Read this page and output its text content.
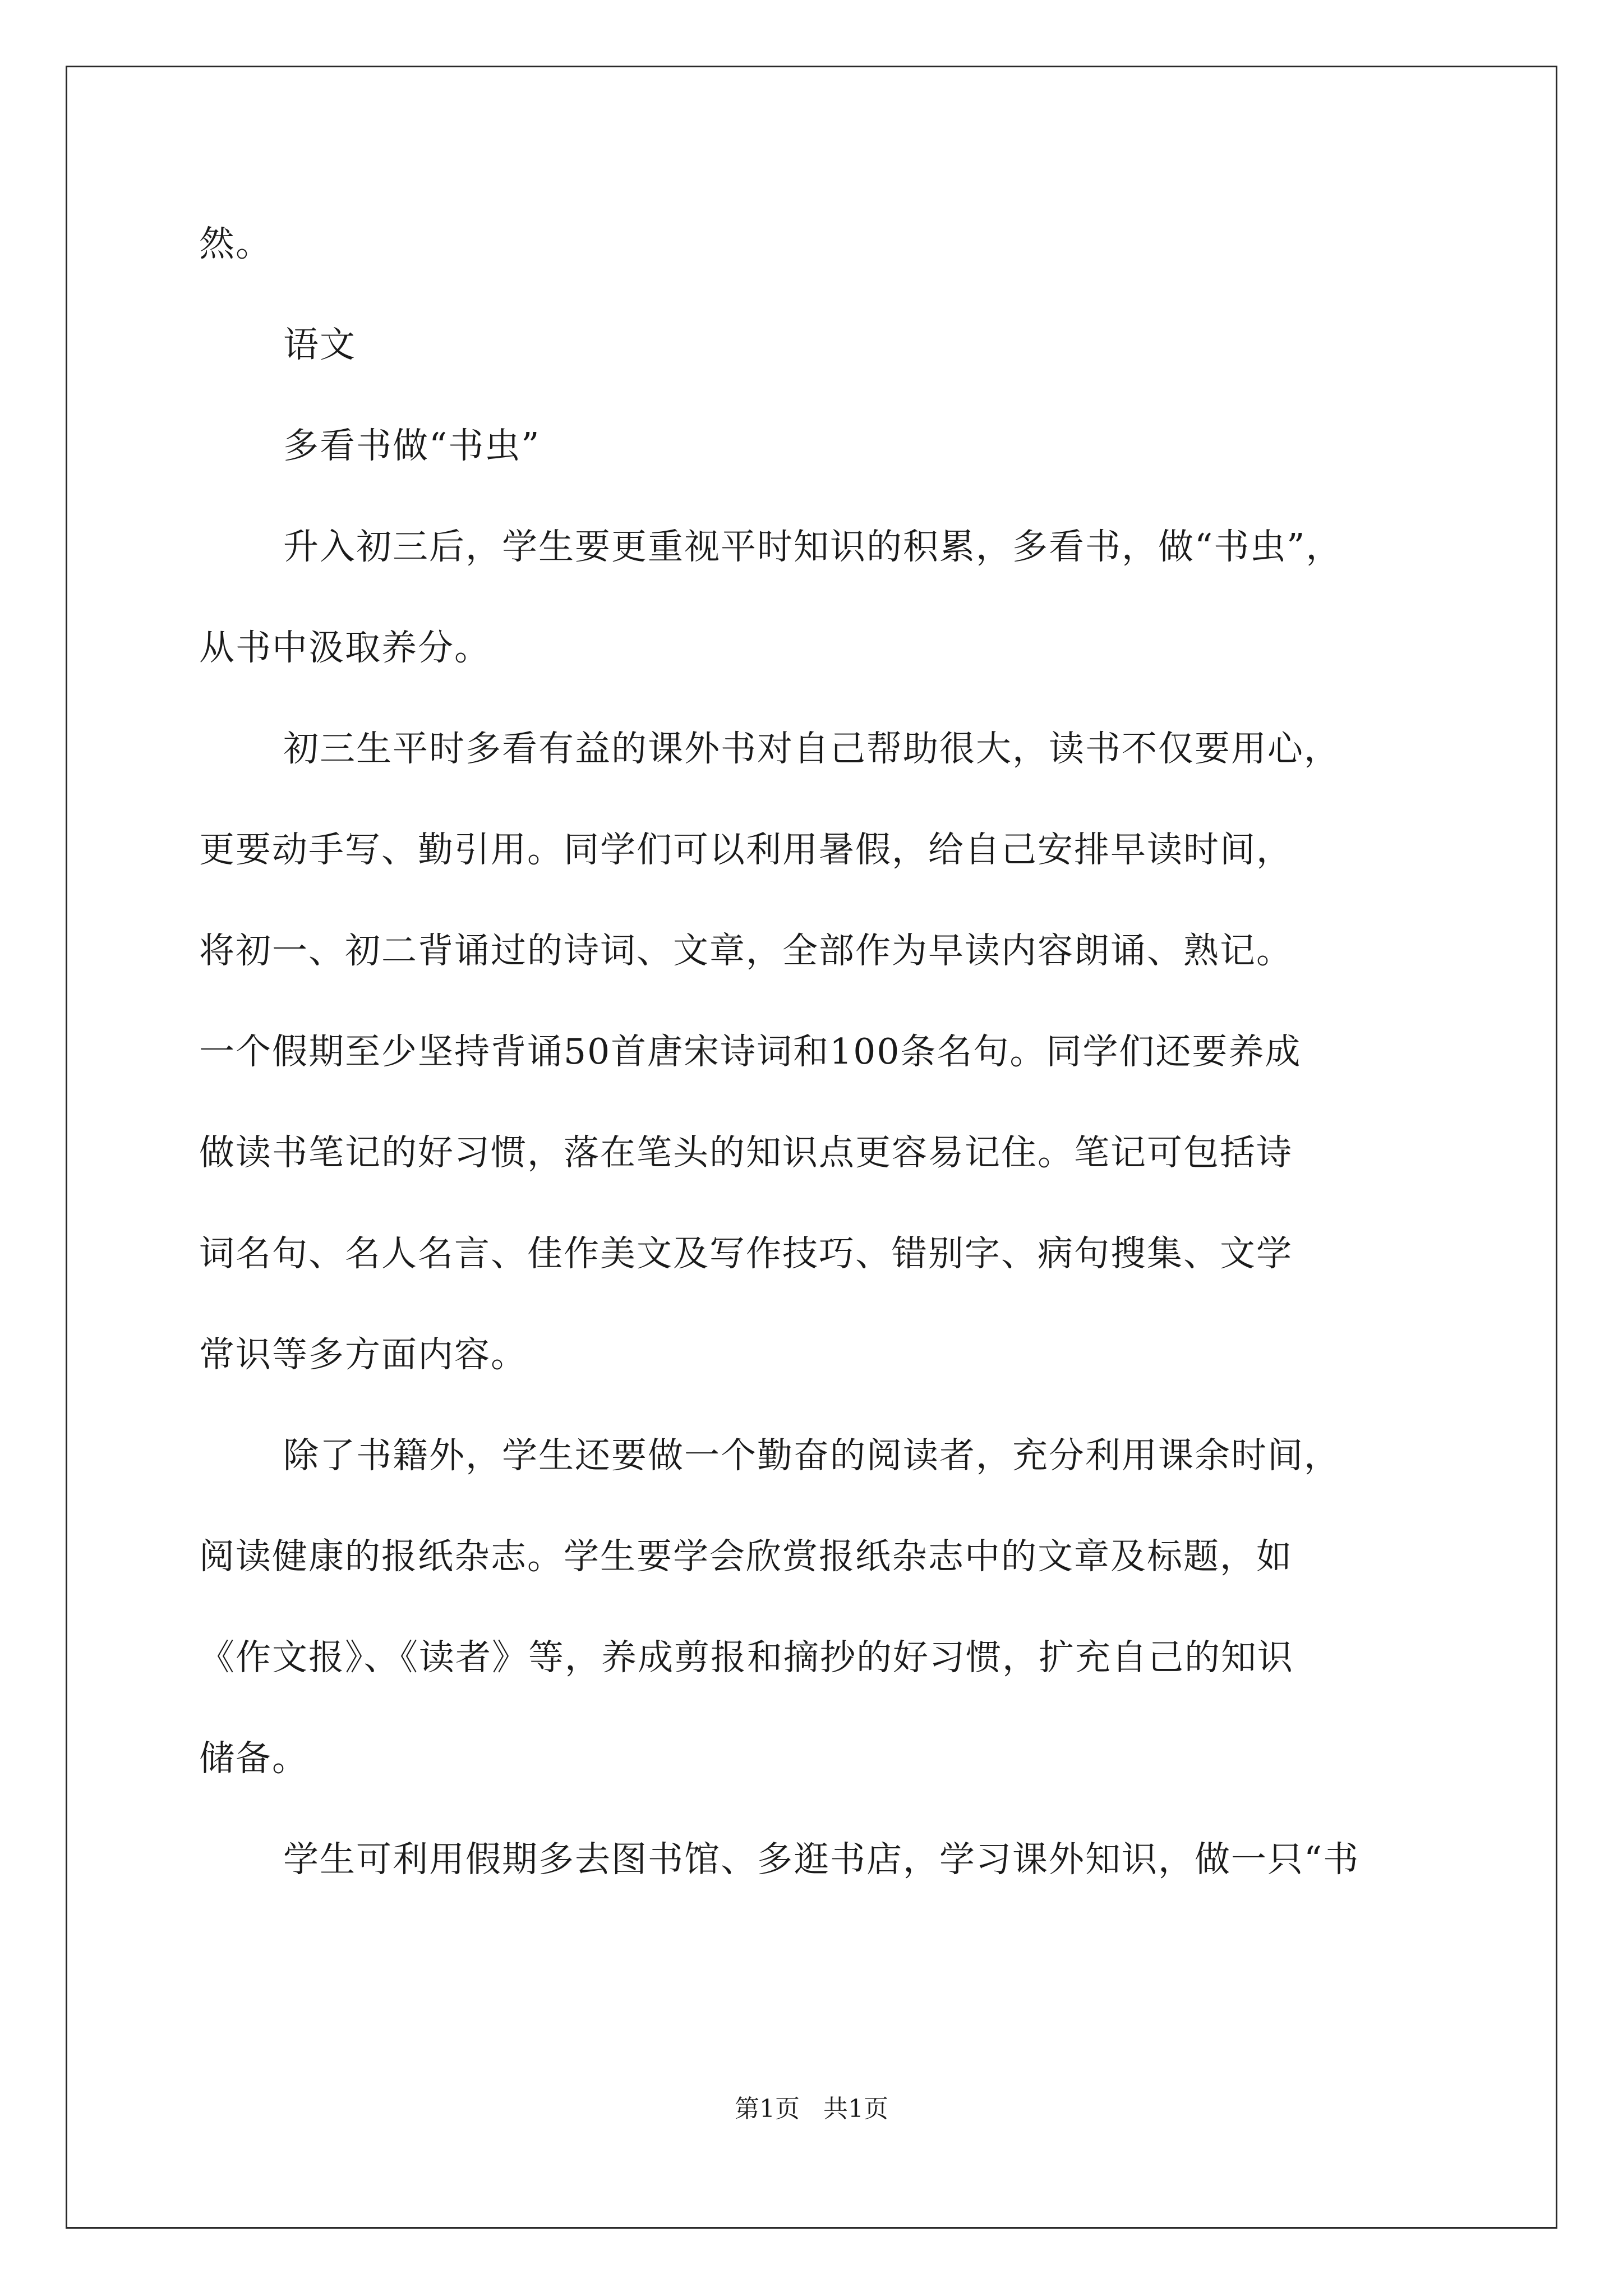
然。
语文
多看书做“书虫”
升入初三后，学生要更重视平时知识的积累，多看书，做“书虫”，
从书中汲取养分。
初三生平时多看有益的课外书对自己帮助很大，读书不仅要用心，
更要动手写、勤引用。同学们可以利用暑假，给自己安排早读时间，
将初一、初二背诵过的诗词、文章，全部作为早读内容朗诵、熟记。
一个假期至少坚持背诵50首唐宋诗词和100条名句。同学们还要养成
做读书笔记的好习惯，落在笔头的知识点更容易记住。笔记可包括诗
词名句、名人名言、佳作美文及写作技巧、错别字、病句搜集、文学
常识等多方面内容。
除了书籍外，学生还要做一个勤奋的阅读者，充分利用课余时间，
阅读健康的报纸杂志。学生要学会欣赏报纸杂志中的文章及标题，如
《作文报》、《读者》等，养成剪报和摘抄的好习惯，扩充自己的知识
储备。
学生可利用假期多去图书馆、多逛书店，学习课外知识，做一只“书
第1页   共1页
